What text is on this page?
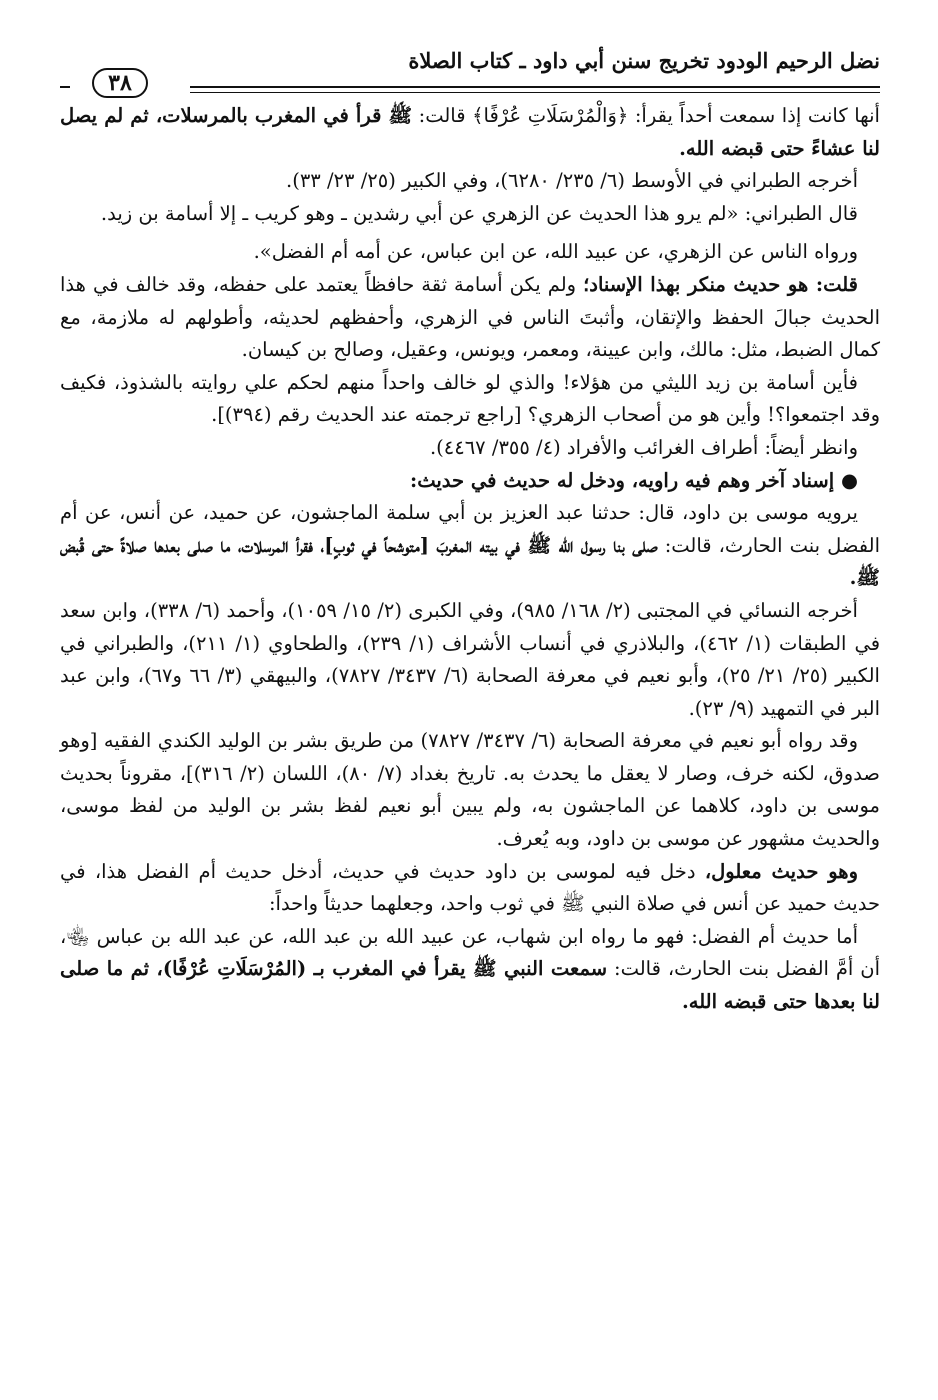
نضل الرحيم الودود تخريج سنن أبي داود ـ كتاب الصلاة
٣٨

أنها كانت إذا سمعت أحداً يقرأ: ﴿وَالْمُرْسَلَاتِ عُرْفًا﴾ قالت: ﷺ قرأ في المغرب بالمرسلات، ثم لم يصل لنا عشاءً حتى قبضه الله.

أخرجه الطبراني في الأوسط (٦/ ٢٣٥/ ٦٢٨٠)، وفي الكبير (٢٥/ ٢٣/ ٣٣).

قال الطبراني: «لم يرو هذا الحديث عن الزهري عن أبي رشدين ـ وهو كريب ـ إلا أسامة بن زيد.

ورواه الناس عن الزهري، عن عبيد الله، عن ابن عباس، عن أمه أم الفضل».

قلت: هو حديث منكر بهذا الإسناد؛ ولم يكن أسامة ثقة حافظاً يعتمد على حفظه، وقد خالف في هذا الحديث جبالَ الحفظ والإتقان، وأثبتَ الناس في الزهري، وأحفظهم لحديثه، وأطولهم له ملازمة، مع كمال الضبط، مثل: مالك، وابن عيينة، ومعمر، ويونس، وعقيل، وصالح بن كيسان.

فأين أسامة بن زيد الليثي من هؤلاء! والذي لو خالف واحداً منهم لحكم علي روايته بالشذوذ، فكيف وقد اجتمعوا؟! وأين هو من أصحاب الزهري؟ [راجع ترجمته عند الحديث رقم (٣٩٤)].

وانظر أيضاً: أطراف الغرائب والأفراد (٤/ ٣٥٥/ ٤٤٦٧).

● إسناد آخر وهم فيه راويه، ودخل له حديث في حديث:

يرويه موسى بن داود، قال: حدثنا عبد العزيز بن أبي سلمة الماجشون، عن حميد، عن أنس، عن أم الفضل بنت الحارث، قالت: صلى بنا رسول الله ﷺ في بيته المغربَ [متوشحاً في ثوبٍ]، فقرأ المرسلات، ما صلى بعدها صلاةً حتى قُبض ﷺ.

أخرجه النسائي في المجتبى (٢/ ١٦٨/ ٩٨٥)، وفي الكبرى (٢/ ١٥/ ١٠٥٩)، وأحمد (٦/ ٣٣٨)، وابن سعد في الطبقات (١/ ٤٦٢)، والبلاذري في أنساب الأشراف (١/ ٢٣٩)، والطحاوي (١/ ٢١١)، والطبراني في الكبير (٢٥/ ٢١/ ٢٥)، وأبو نعيم في معرفة الصحابة (٦/ ٣٤٣٧/ ٧٨٢٧)، والبيهقي (٣/ ٦٦ و٦٧)، وابن عبد البر في التمهيد (٩/ ٢٣).

وقد رواه أبو نعيم في معرفة الصحابة (٦/ ٣٤٣٧/ ٧٨٢٧) من طريق بشر بن الوليد الكندي الفقيه [وهو صدوق، لكنه خرف، وصار لا يعقل ما يحدث به. تاريخ بغداد (٧/ ٨٠)، اللسان (٢/ ٣١٦)]، مقروناً بحديث موسى بن داود، كلاهما عن الماجشون به، ولم يبين أبو نعيم لفظ بشر بن الوليد من لفظ موسى، والحديث مشهور عن موسى بن داود، وبه يُعرف.

وهو حديث معلول، دخل فيه لموسى بن داود حديث في حديث، أدخل حديث أم الفضل هذا، في حديث حميد عن أنس في صلاة النبي ﷺ في ثوب واحد، وجعلهما حديثاً واحداً:

أما حديث أم الفضل: فهو ما رواه ابن شهاب، عن عبيد الله بن عبد الله، عن عبد الله بن عباس ﵄، أن أمَّ الفضل بنت الحارث، قالت: سمعت النبي ﷺ يقرأ في المغرب بـ (المُرْسَلَاتِ عُرْفًا)، ثم ما صلى لنا بعدها حتى قبضه الله.
